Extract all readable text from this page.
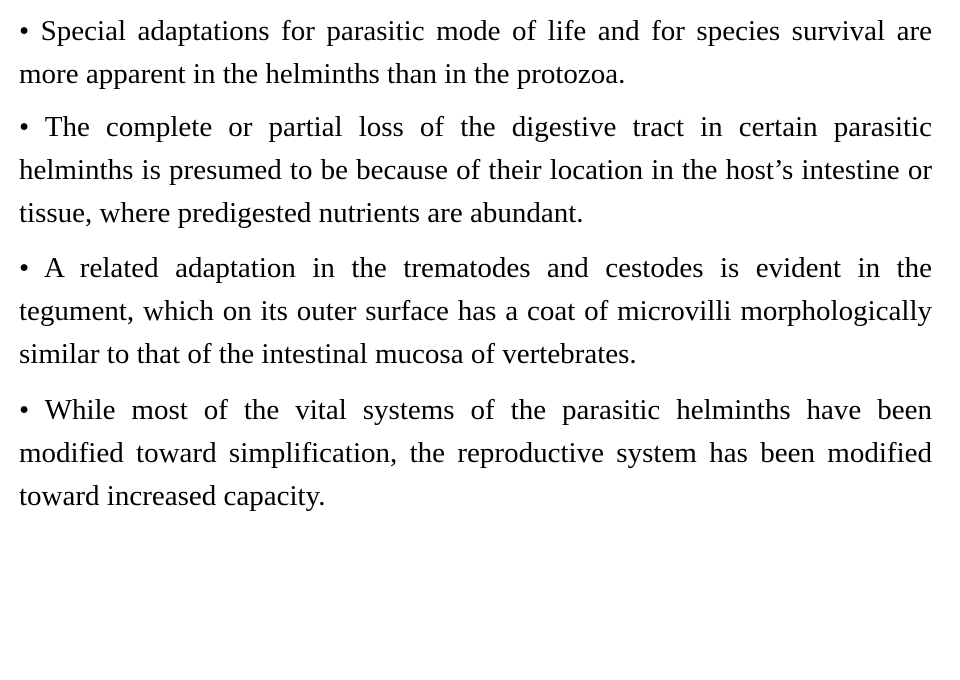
• Special adaptations for parasitic mode of life and for species survival are more apparent in the helminths than in the protozoa.

• The complete or partial loss of the digestive tract in certain parasitic helminths is presumed to be because of their location in the host’s intestine or tissue, where predigested nutrients are abundant.

• A related adaptation in the trematodes and cestodes is evident in the tegument, which on its outer surface has a coat of microvilli morphologically similar to that of the intestinal mucosa of vertebrates.

• While most of the vital systems of the parasitic helminths have been modified toward simplification, the reproductive system has been modified toward increased capacity.
